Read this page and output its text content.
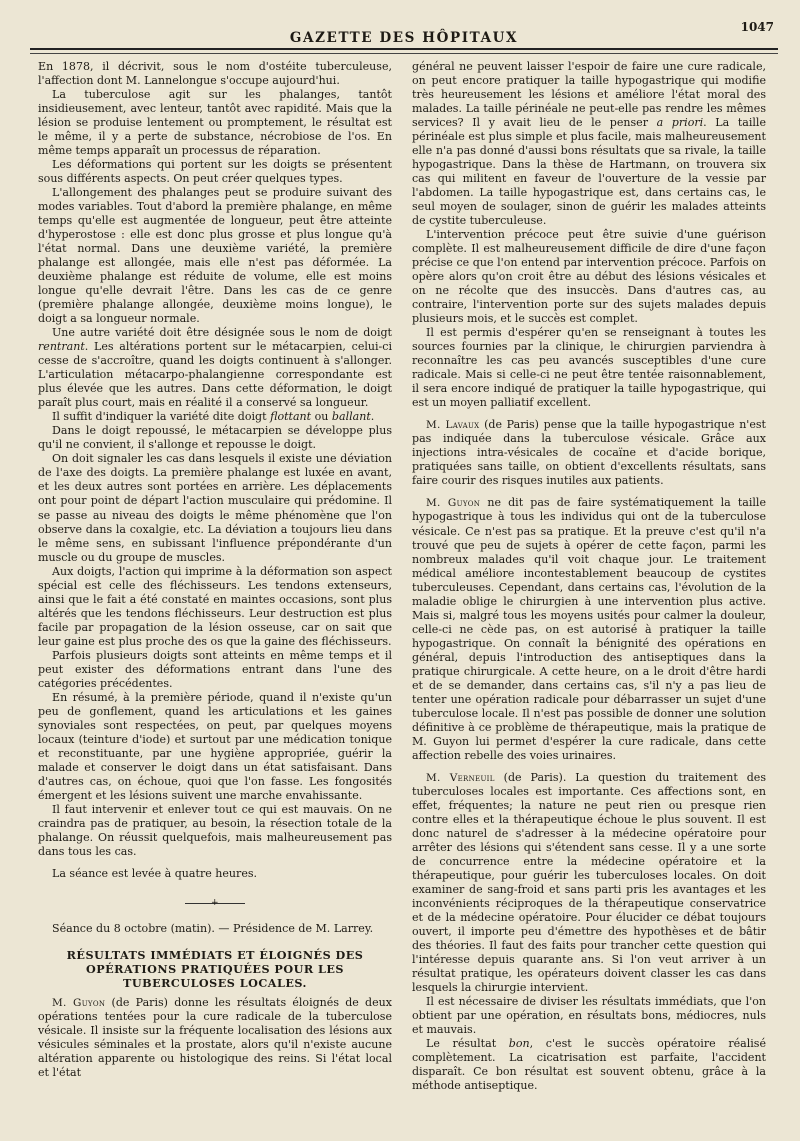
GAZETTE DES HÔPITAUX
1047

En 1878, il décrivit, sous le nom d'ostéite tuberculeuse, l'affection dont M. Lannelongue s'occupe aujourd'hui.

La tuberculose agit sur les phalanges, tantôt insidieusement, avec lenteur, tantôt avec rapidité. Mais que la lésion se produise lentement ou promptement, le résultat est le même, il y a perte de substance, nécrobiose de l'os. En même temps apparaît un processus de réparation.

Les déformations qui portent sur les doigts se présentent sous différents aspects. On peut créer quelques types.

L'allongement des phalanges peut se produire suivant des modes variables. Tout d'abord la première phalange, en même temps qu'elle est augmentée de longueur, peut être atteinte d'hyperostose : elle est donc plus grosse et plus longue qu'à l'état normal. Dans une deuxième variété, la première phalange est allongée, mais elle n'est pas déformée. La deuxième phalange est réduite de volume, elle est moins longue qu'elle devrait l'être. Dans les cas de ce genre (première phalange allongée, deuxième moins longue), le doigt a sa longueur normale.

Une autre variété doit être désignée sous le nom de doigt rentrant. Les altérations portent sur le métacarpien, celui-ci cesse de s'accroître, quand les doigts continuent à s'allonger. L'articulation métacarpo-phalangienne correspondante est plus élevée que les autres. Dans cette déformation, le doigt paraît plus court, mais en réalité il a conservé sa longueur.

Il suffit d'indiquer la variété dite doigt flottant ou ballant.

Dans le doigt repoussé, le métacarpien se développe plus qu'il ne convient, il s'allonge et repousse le doigt.

On doit signaler les cas dans lesquels il existe une déviation de l'axe des doigts. La première phalange est luxée en avant, et les deux autres sont portées en arrière. Les déplacements ont pour point de départ l'action musculaire qui prédomine. Il se passe au niveau des doigts le même phénomène que l'on observe dans la coxalgie, etc. La déviation a toujours lieu dans le même sens, en subissant l'influence prépondérante d'un muscle ou du groupe de muscles.

Aux doigts, l'action qui imprime à la déformation son aspect spécial est celle des fléchisseurs. Les tendons extenseurs, ainsi que le fait a été constaté en maintes occasions, sont plus altérés que les tendons fléchisseurs. Leur destruction est plus facile par propagation de la lésion osseuse, car on sait que leur gaine est plus proche des os que la gaine des fléchisseurs.

Parfois plusieurs doigts sont atteints en même temps et il peut exister des déformations entrant dans l'une des catégories précédentes.

En résumé, à la première période, quand il n'existe qu'un peu de gonflement, quand les articulations et les gaines synoviales sont respectées, on peut, par quelques moyens locaux (teinture d'iode) et surtout par une médication tonique et reconstituante, par une hygiène appropriée, guérir la malade et conserver le doigt dans un état satisfaisant. Dans d'autres cas, on échoue, quoi que l'on fasse. Les fongosités émergent et les lésions suivent une marche envahissante.

Il faut intervenir et enlever tout ce qui est mauvais. On ne craindra pas de pratiquer, au besoin, la résection totale de la phalange. On réussit quelquefois, mais malheureusement pas dans tous les cas.

La séance est levée à quatre heures.

+

Séance du 8 octobre (matin). — Présidence de M. Larrey.

RÉSULTATS IMMÉDIATS ET ÉLOIGNÉS DES OPÉRATIONS PRATIQUÉES POUR LES TUBERCULOSES LOCALES.

M. Guyon (de Paris) donne les résultats éloignés de deux opérations tentées pour la cure radicale de la tuberculose vésicale. Il insiste sur la fréquente localisation des lésions aux vésicules séminales et la prostate, alors qu'il n'existe aucune altération apparente ou histologique des reins. Si l'état local et l'état

général ne peuvent laisser l'espoir de faire une cure radicale, on peut encore pratiquer la taille hypogastrique qui modifie très heureusement les lésions et améliore l'état moral des malades. La taille périnéale ne peut-elle pas rendre les mêmes services? Il y avait lieu de le penser a priori. La taille périnéale est plus simple et plus facile, mais malheureusement elle n'a pas donné d'aussi bons résultats que sa rivale, la taille hypogastrique. Dans la thèse de Hartmann, on trouvera six cas qui militent en faveur de l'ouverture de la vessie par l'abdomen. La taille hypogastrique est, dans certains cas, le seul moyen de soulager, sinon de guérir les malades atteints de cystite tuberculeuse.

L'intervention précoce peut être suivie d'une guérison complète. Il est malheureusement difficile de dire d'une façon précise ce que l'on entend par intervention précoce. Parfois on opère alors qu'on croit être au début des lésions vésicales et on ne récolte que des insuccès. Dans d'autres cas, au contraire, l'intervention porte sur des sujets malades depuis plusieurs mois, et le succès est complet.

Il est permis d'espérer qu'en se renseignant à toutes les sources fournies par la clinique, le chirurgien parviendra à reconnaître les cas peu avancés susceptibles d'une cure radicale. Mais si celle-ci ne peut être tentée raisonnablement, il sera encore indiqué de pratiquer la taille hypogastrique, qui est un moyen palliatif excellent.

M. Lavaux (de Paris) pense que la taille hypogastrique n'est pas indiquée dans la tuberculose vésicale. Grâce aux injections intra-vésicales de cocaïne et d'acide borique, pratiquées sans taille, on obtient d'excellents résultats, sans faire courir des risques inutiles aux patients.

M. Guyon ne dit pas de faire systématiquement la taille hypogastrique à tous les individus qui ont de la tuberculose vésicale. Ce n'est pas sa pratique. Et la preuve c'est qu'il n'a trouvé que peu de sujets à opérer de cette façon, parmi les nombreux malades qu'il voit chaque jour. Le traitement médical améliore incontestablement beaucoup de cystites tuberculeuses. Cependant, dans certains cas, l'évolution de la maladie oblige le chirurgien à une intervention plus active. Mais si, malgré tous les moyens usités pour calmer la douleur, celle-ci ne cède pas, on est autorisé à pratiquer la taille hypogastrique. On connaît la bénignité des opérations en général, depuis l'introduction des antiseptiques dans la pratique chirurgicale. A cette heure, on a le droit d'être hardi et de se demander, dans certains cas, s'il n'y a pas lieu de tenter une opération radicale pour débarrasser un sujet d'une tuberculose locale. Il n'est pas possible de donner une solution définitive à ce problème de thérapeutique, mais la pratique de M. Guyon lui permet d'espérer la cure radicale, dans cette affection rebelle des voies urinaires.

M. Verneuil (de Paris). La question du traitement des tuberculoses locales est importante. Ces affections sont, en effet, fréquentes; la nature ne peut rien ou presque rien contre elles et la thérapeutique échoue le plus souvent. Il est donc naturel de s'adresser à la médecine opératoire pour arrêter des lésions qui s'étendent sans cesse. Il y a une sorte de concurrence entre la médecine opératoire et la thérapeutique, pour guérir les tuberculoses locales. On doit examiner de sang-froid et sans parti pris les avantages et les inconvénients réciproques de la thérapeutique conservatrice et de la médecine opératoire. Pour élucider ce débat toujours ouvert, il importe peu d'émettre des hypothèses et de bâtir des théories. Il faut des faits pour trancher cette question qui l'intéresse depuis quarante ans. Si l'on veut arriver à un résultat pratique, les opérateurs doivent classer les cas dans lesquels la chirurgie intervient.

Il est nécessaire de diviser les résultats immédiats, que l'on obtient par une opération, en résultats bons, médiocres, nuls et mauvais.

Le résultat bon, c'est le succès opératoire réalisé complètement. La cicatrisation est parfaite, l'accident disparaît. Ce bon résultat est souvent obtenu, grâce à la méthode antiseptique.
